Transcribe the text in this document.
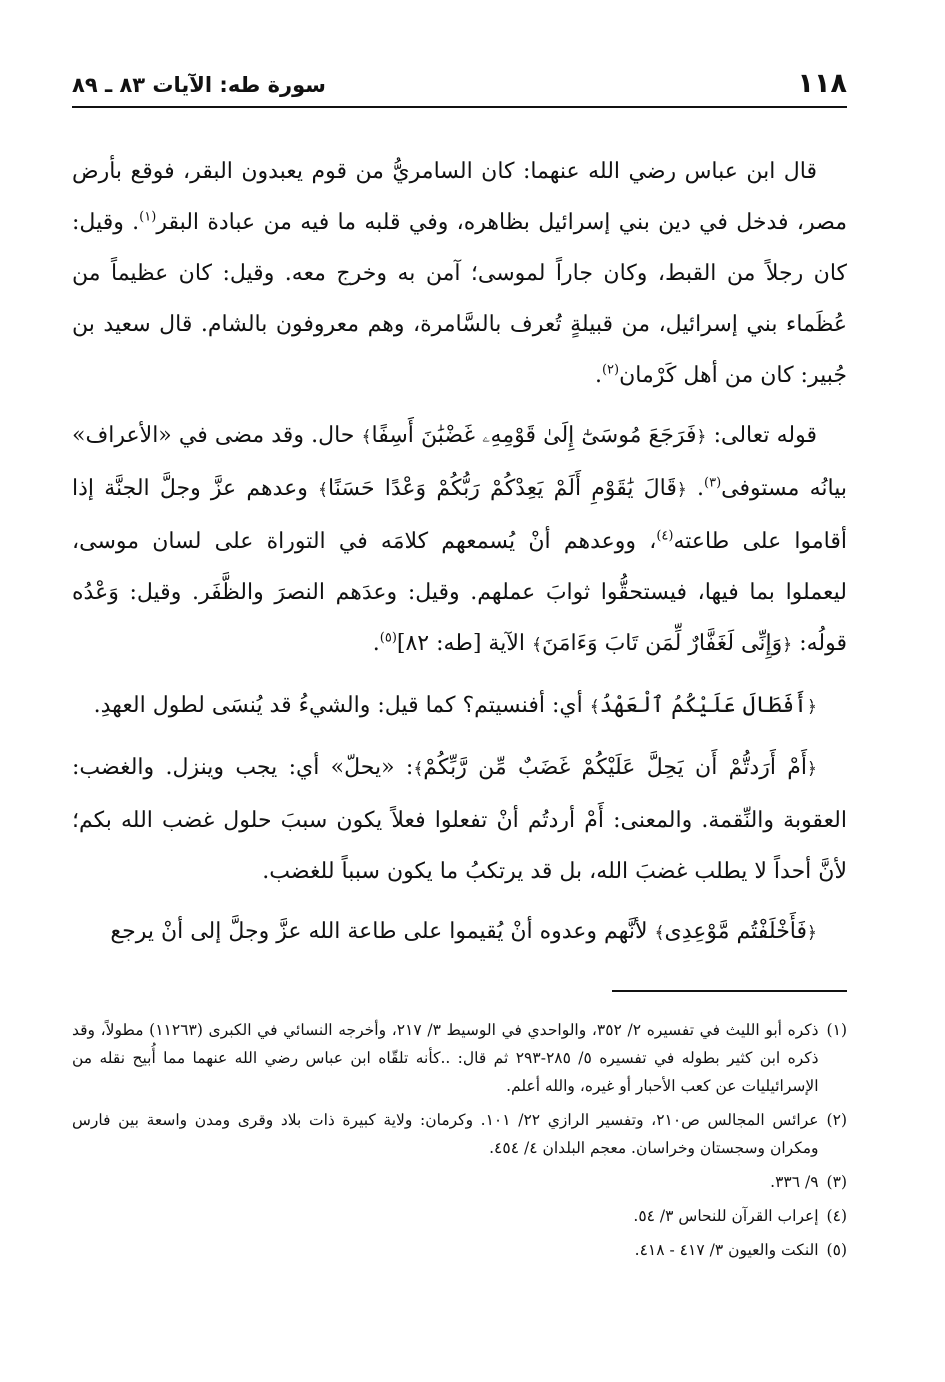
١١٨
سورة طه: الآيات ٨٣ ـ ٨٩

قال ابن عباس رضي الله عنهما: كان السامريُّ من قوم يعبدون البقر، فوقع بأرض مصر، فدخل في دين بني إسرائيل بظاهره، وفي قلبه ما فيه من عبادة البقر$^{(١)}$. وقيل: كان رجلاً من القبط، وكان جاراً لموسى؛ آمن به وخرج معه. وقيل: كان عظيماً من عُظَماء بني إسرائيل، من قبيلةٍ تُعرف بالسَّامرة، وهم معروفون بالشام. قال سعيد بن جُبير: كان من أهل كَرْمان$^{(٢)}$.

قوله تعالى: ﴿فَرَجَعَ مُوسَىٰٓ إِلَىٰ قَوْمِهِۦ غَضْبَٰنَ أَسِفًا﴾ حال. وقد مضى في «الأعراف» بيانُه مستوفى$^{(٣)}$. ﴿قَالَ يَٰقَوْمِ أَلَمْ يَعِدْكُمْ رَبُّكُمْ وَعْدًا حَسَنًا﴾ وعدهم عزَّ وجلَّ الجنَّة إذا أقاموا على طاعته$^{(٤)}$، ووعدهم أنْ يُسمعهم كلامَه في التوراة على لسان موسى، ليعملوا بما فيها، فيستحقُّوا ثوابَ عملهم. وقيل: وعدَهم النصرَ والظَّفَر. وقيل: وَعْدُه قولُه: ﴿وَإِنِّى لَغَفَّارٌ لِّمَن تَابَ وَءَامَنَ﴾ الآية [طه: ٨٢]$^{(٥)}$.

﴿أَفَطَالَ عَلَيْكُمُ ٱلْعَهْدُ﴾ أي: أفنسيتم؟ كما قيل: والشيءُ قد يُنسَى لطول العهدِ.

﴿أَمْ أَرَدتُّمْ أَن يَحِلَّ عَلَيْكُمْ غَضَبٌ مِّن رَّبِّكُمْ﴾: «يحلّ» أي: يجب وينزل. والغضب: العقوبة والنِّقمة. والمعنى: أَمْ أردتُم أنْ تفعلوا فعلاً يكون سببَ حلول غضب الله بكم؛ لأنَّ أحداً لا يطلب غضبَ الله، بل قد يرتكبُ ما يكون سبباً للغضب.

﴿فَأَخْلَفْتُم مَّوْعِدِى﴾ لأنَّهم وعدوه أنْ يُقيموا على طاعة الله عزَّ وجلَّ إلى أنْ يرجع

(١)
ذكره أبو الليث في تفسيره ٢/ ٣٥٢، والواحدي في الوسيط ٣/ ٢١٧، وأخرجه النسائي في الكبرى (١١٢٦٣) مطولاً، وقد ذكره ابن كثير بطوله في تفسيره ٥/ ٢٨٥-٢٩٣ ثم قال: ..كأنه تلقّاه ابن عباس رضي الله عنهما مما أُبيح نقله من الإسرائيليات عن كعب الأحبار أو غيره، والله أعلم.
(٢)
عرائس المجالس ص٢١٠، وتفسير الرازي ٢٢/ ١٠١. وكرمان: ولاية كبيرة ذات بلاد وقرى ومدن واسعة بين فارس ومكران وسجستان وخراسان. معجم البلدان ٤/ ٤٥٤.
(٣)
٩/ ٣٣٦.
(٤)
إعراب القرآن للنحاس ٣/ ٥٤.
(٥)
النكت والعيون ٣/ ٤١٧ - ٤١٨.
